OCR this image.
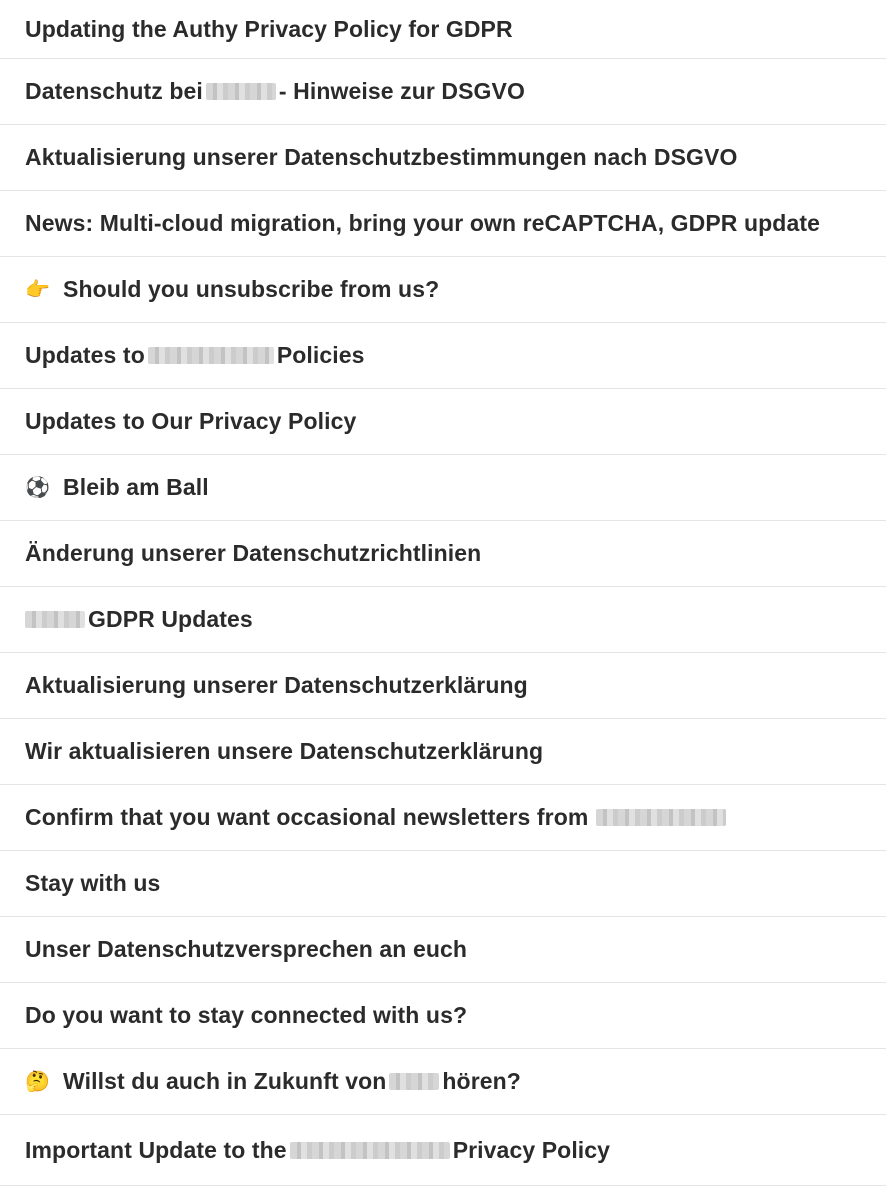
Updating the Authy Privacy Policy for GDPR
Datenschutz bei	- Hinweise zur DSGVO
Aktualisierung unserer Datenschutzbestimmungen nach DSGVO
News: Multi-cloud migration, bring your own reCAPTCHA, GDPR update
👉 Should you unsubscribe from us?
Updates to	Policies
Updates to Our Privacy Policy
⚽ Bleib am Ball
Änderung unserer Datenschutzrichtlinien
GDPR Updates
Aktualisierung unserer Datenschutzerklärung
Wir aktualisieren unsere Datenschutzerklärung
Confirm that you want occasional newsletters from
Stay with us
Unser Datenschutzversprechen an euch
Do you want to stay connected with us?
🤔 Willst du auch in Zukunft von hören?
Important Update to the	Privacy Policy
